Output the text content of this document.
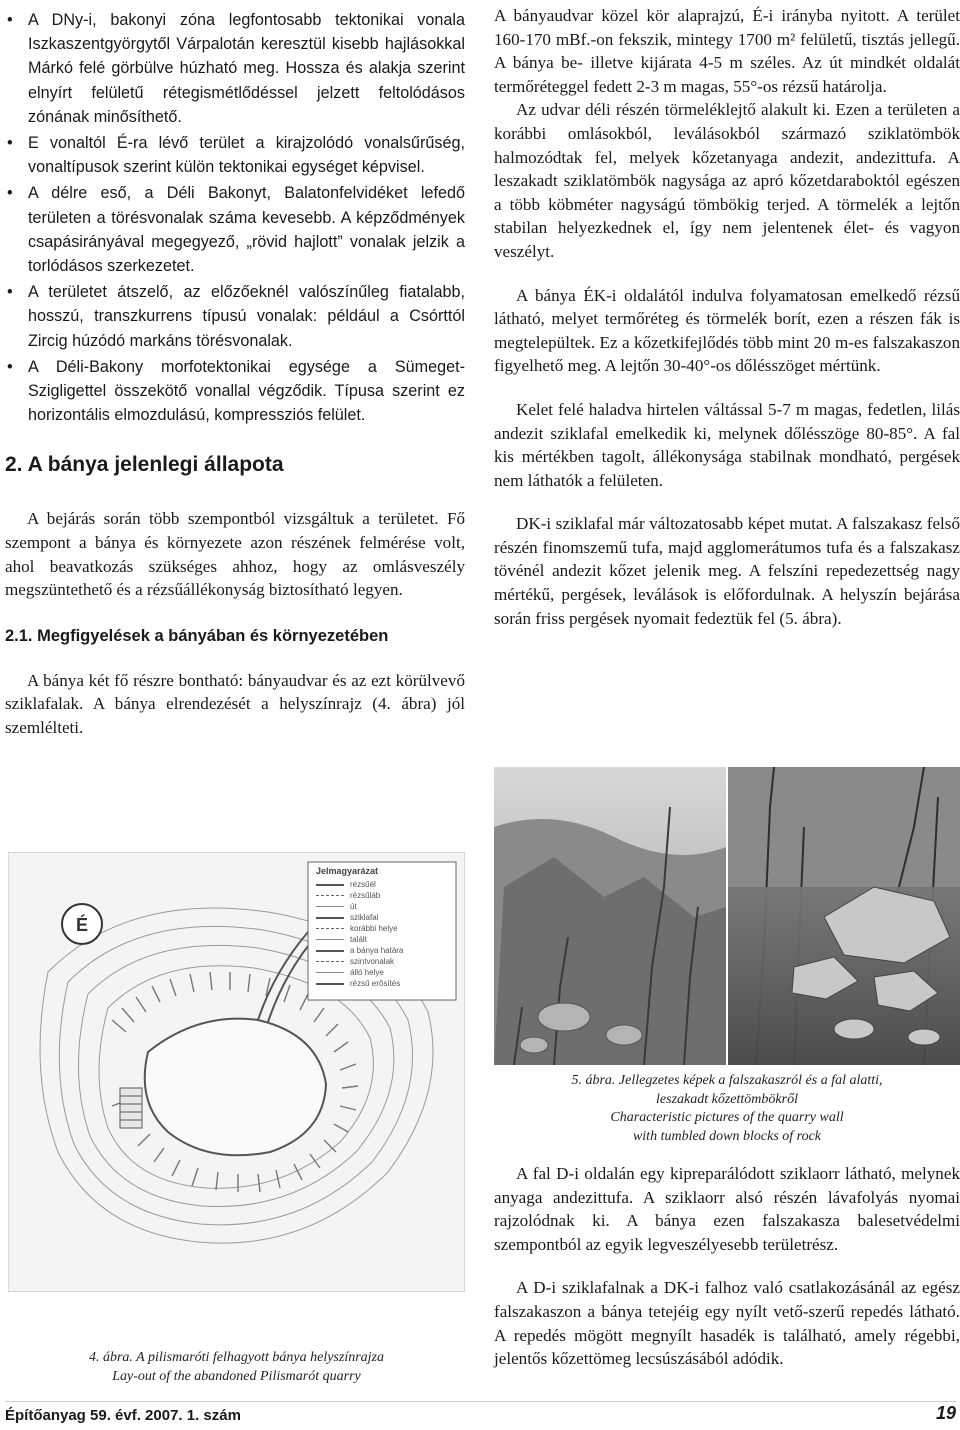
• A DNy-i, bakonyi zóna legfontosabb tektonikai vonala Iszkaszentgyörgytől Várpalotán keresztül kisebb hajlásokkal Márkó felé görbülve húzható meg. Hossza és alakja szerint elnyírt felületű rétegismétlődéssel jelzett feltolódásos zónának minősíthető.
• E vonaltól É-ra lévő terület a kirajzolódó vonalsűrűség, vonaltípusok szerint külön tektonikai egységet képvisel.
• A délre eső, a Déli Bakonyt, Balatonfelvidéket lefedő területen a törésvonalak száma kevesebb. A képződmények csapásirányával megegyező, „rövid hajlott” vonalak jelzik a torlódásos szerkezetet.
• A területet átszelő, az előzőeknél valószínűleg fiatalabb, hosszú, transzkurrens típusú vonalak: például a Csórttól Zircig húzódó markáns törésvonalak.
• A Déli-Bakony morfotektonikai egysége a Sümeget-Szigligettel összekötő vonallal végződik. Típusa szerint ez horizontális elmozdulású, kompressziós felület.
2. A bánya jelenlegi állapota

A bejárás során több szempontból vizsgáltuk a területet. Fő szempont a bánya és környezete azon részének felmérése volt, ahol beavatkozás szükséges ahhoz, hogy az omlásveszély megszüntethető és a rézsűállékonyság biztosítható legyen.

2.1. Megfigyelések a bányában és környezetében

A bánya két fő részre bontható: bányaudvar és az ezt körülvevő sziklafalak. A bánya elrendezését a helyszínrajz (4. ábra) jól szemlélteti.

É
Jelmagyarázat
rézsűél
rézsűláb
út
sziklafal
korábbi helye
talált
a bánya határa
szintvonalak
álló helye
rézsű erősítés
4. ábra. A pilismaróti felhagyott bánya helyszínrajza
Lay-out of the abandoned Pilismarót quarry

A bányaudvar közel kör alaprajzú, É-i irányba nyitott. A terület 160-170 mBf.-on fekszik, mintegy 1700 m² felületű, tisztás jellegű. A bánya be- illetve kijárata 4-5 m széles. Az út mindkét oldalát termőréteggel fedett 2-3 m magas, 55°-os rézsű határolja.

Az udvar déli részén törmeléklejtő alakult ki. Ezen a területen a korábbi omlásokból, leválásokból származó sziklatömbök halmozódtak fel, melyek kőzetanyaga andezit, andezittufa. A leszakadt sziklatömbök nagysága az apró kőzetdaraboktól egészen a több köbméter nagyságú tömbökig terjed. A törmelék a lejtőn stabilan helyezkednek el, így nem jelentenek élet- és vagyon veszélyt.

A bánya ÉK-i oldalától indulva folyamatosan emelkedő rézsű látható, melyet termőréteg és törmelék borít, ezen a részen fák is megtelepültek. Ez a kőzetkifejlődés több mint 20 m-es falszakaszon figyelhető meg. A lejtőn 30-40°-os dőlésszöget mértünk.

Kelet felé haladva hirtelen váltással 5-7 m magas, fedetlen, lilás andezit sziklafal emelkedik ki, melynek dőlésszöge 80-85°. A fal kis mértékben tagolt, állékonysága stabilnak mondható, pergések nem láthatók a felületen.

DK-i sziklafal már változatosabb képet mutat. A falszakasz felső részén finomszemű tufa, majd agglomerátumos tufa és a falszakasz tövénél andezit kőzet jelenik meg. A felszíni repedezettség nagy mértékű, pergések, leválások is előfordulnak. A helyszín bejárása során friss pergések nyomait fedeztük fel (5. ábra).

5. ábra. Jellegzetes képek a falszakaszról és a fal alatti,
leszakadt kőzettömbökről
Characteristic pictures of the quarry wall
with tumbled down blocks of rock

A fal D-i oldalán egy kipreparálódott sziklaorr látható, melynek anyaga andezittufa. A sziklaorr alsó részén lávafolyás nyomai rajzolódnak ki. A bánya ezen falszakasza balesetvédelmi szempontból az egyik legveszélyesebb területrész.

A D-i sziklafalnak a DK-i falhoz való csatlakozásánál az egész falszakaszon a bánya tetejéig egy nyílt vető-szerű repedés látható. A repedés mögött megnyílt hasadék is található, amely régebbi, jelentős kőzettömeg lecsúszásából adódik.

Építőanyag 59. évf. 2007. 1. szám	19
